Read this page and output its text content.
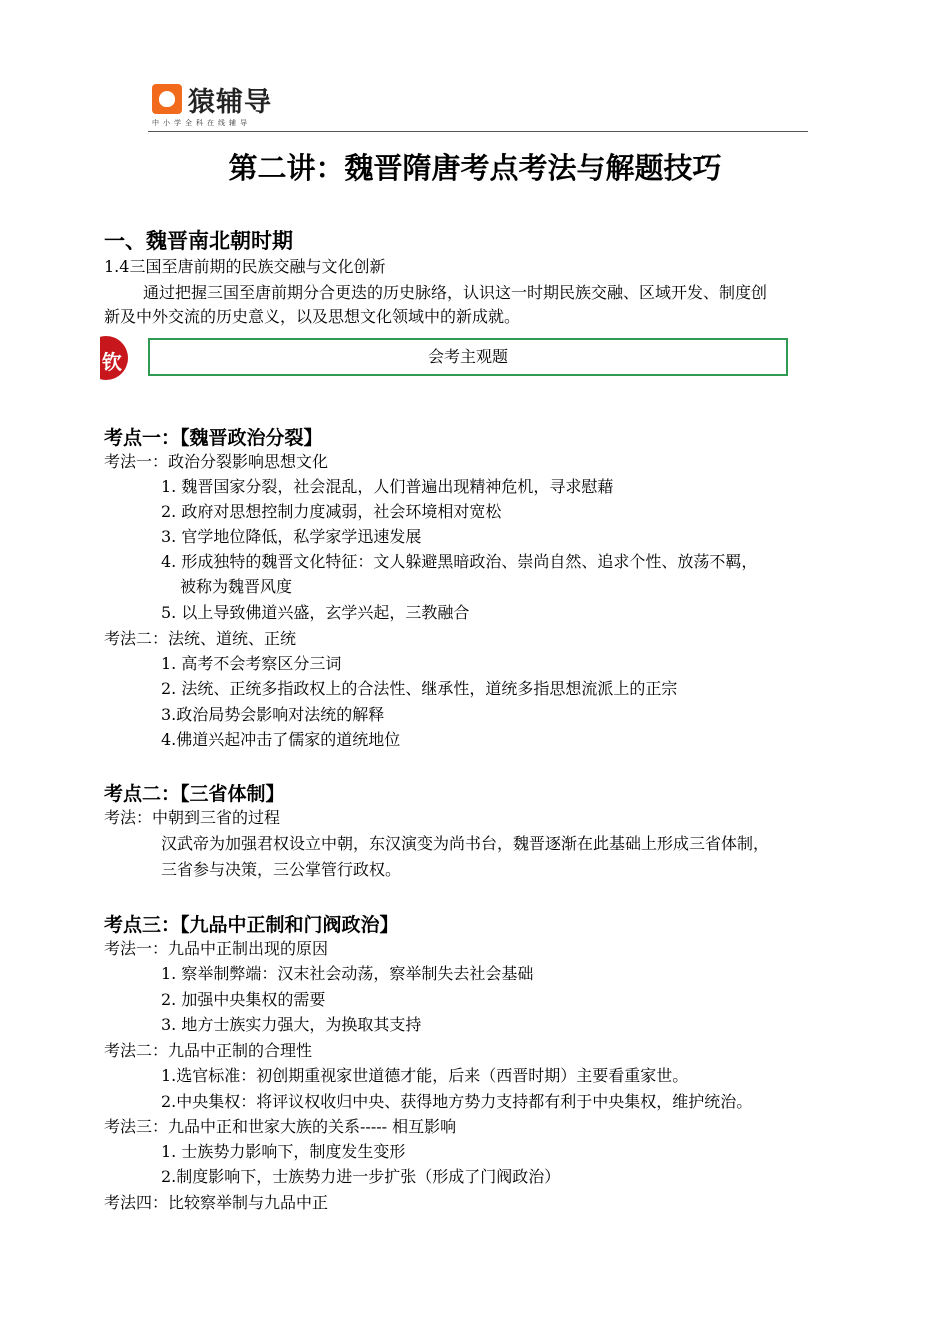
猿辅导
中小学全科在线辅导
第二讲：魏晋隋唐考点考法与解题技巧
一、魏晋南北朝时期
1.4三国至唐前期的民族交融与文化创新
通过把握三国至唐前期分合更迭的历史脉络，认识这一时期民族交融、区域开发、制度创
新及中外交流的历史意义，以及思想文化领域中的新成就。
钦	会考主观题
考点一：【魏晋政治分裂】
考法一：政治分裂影响思想文化
1. 魏晋国家分裂，社会混乱，人们普遍出现精神危机，寻求慰藉
2. 政府对思想控制力度减弱，社会环境相对宽松
3. 官学地位降低，私学家学迅速发展
4. 形成独特的魏晋文化特征：文人躲避黑暗政治、崇尚自然、追求个性、放荡不羁，
被称为魏晋风度
5. 以上导致佛道兴盛，玄学兴起，三教融合
考法二：法统、道统、正统
1. 高考不会考察区分三词
2. 法统、正统多指政权上的合法性、继承性，道统多指思想流派上的正宗
3.政治局势会影响对法统的解释
4.佛道兴起冲击了儒家的道统地位
考点二：【三省体制】
考法：中朝到三省的过程
汉武帝为加强君权设立中朝，东汉演变为尚书台，魏晋逐渐在此基础上形成三省体制，
三省参与决策，三公掌管行政权。
考点三：【九品中正制和门阀政治】
考法一：九品中正制出现的原因
1. 察举制弊端：汉末社会动荡，察举制失去社会基础
2. 加强中央集权的需要
3. 地方士族实力强大，为换取其支持
考法二：九品中正制的合理性
1.选官标准：初创期重视家世道德才能，后来（西晋时期）主要看重家世。
2.中央集权：将评议权收归中央、获得地方势力支持都有利于中央集权，维护统治。
考法三：九品中正和世家大族的关系----- 相互影响
1. 士族势力影响下，制度发生变形
2.制度影响下，士族势力进一步扩张（形成了门阀政治）
考法四：比较察举制与九品中正
